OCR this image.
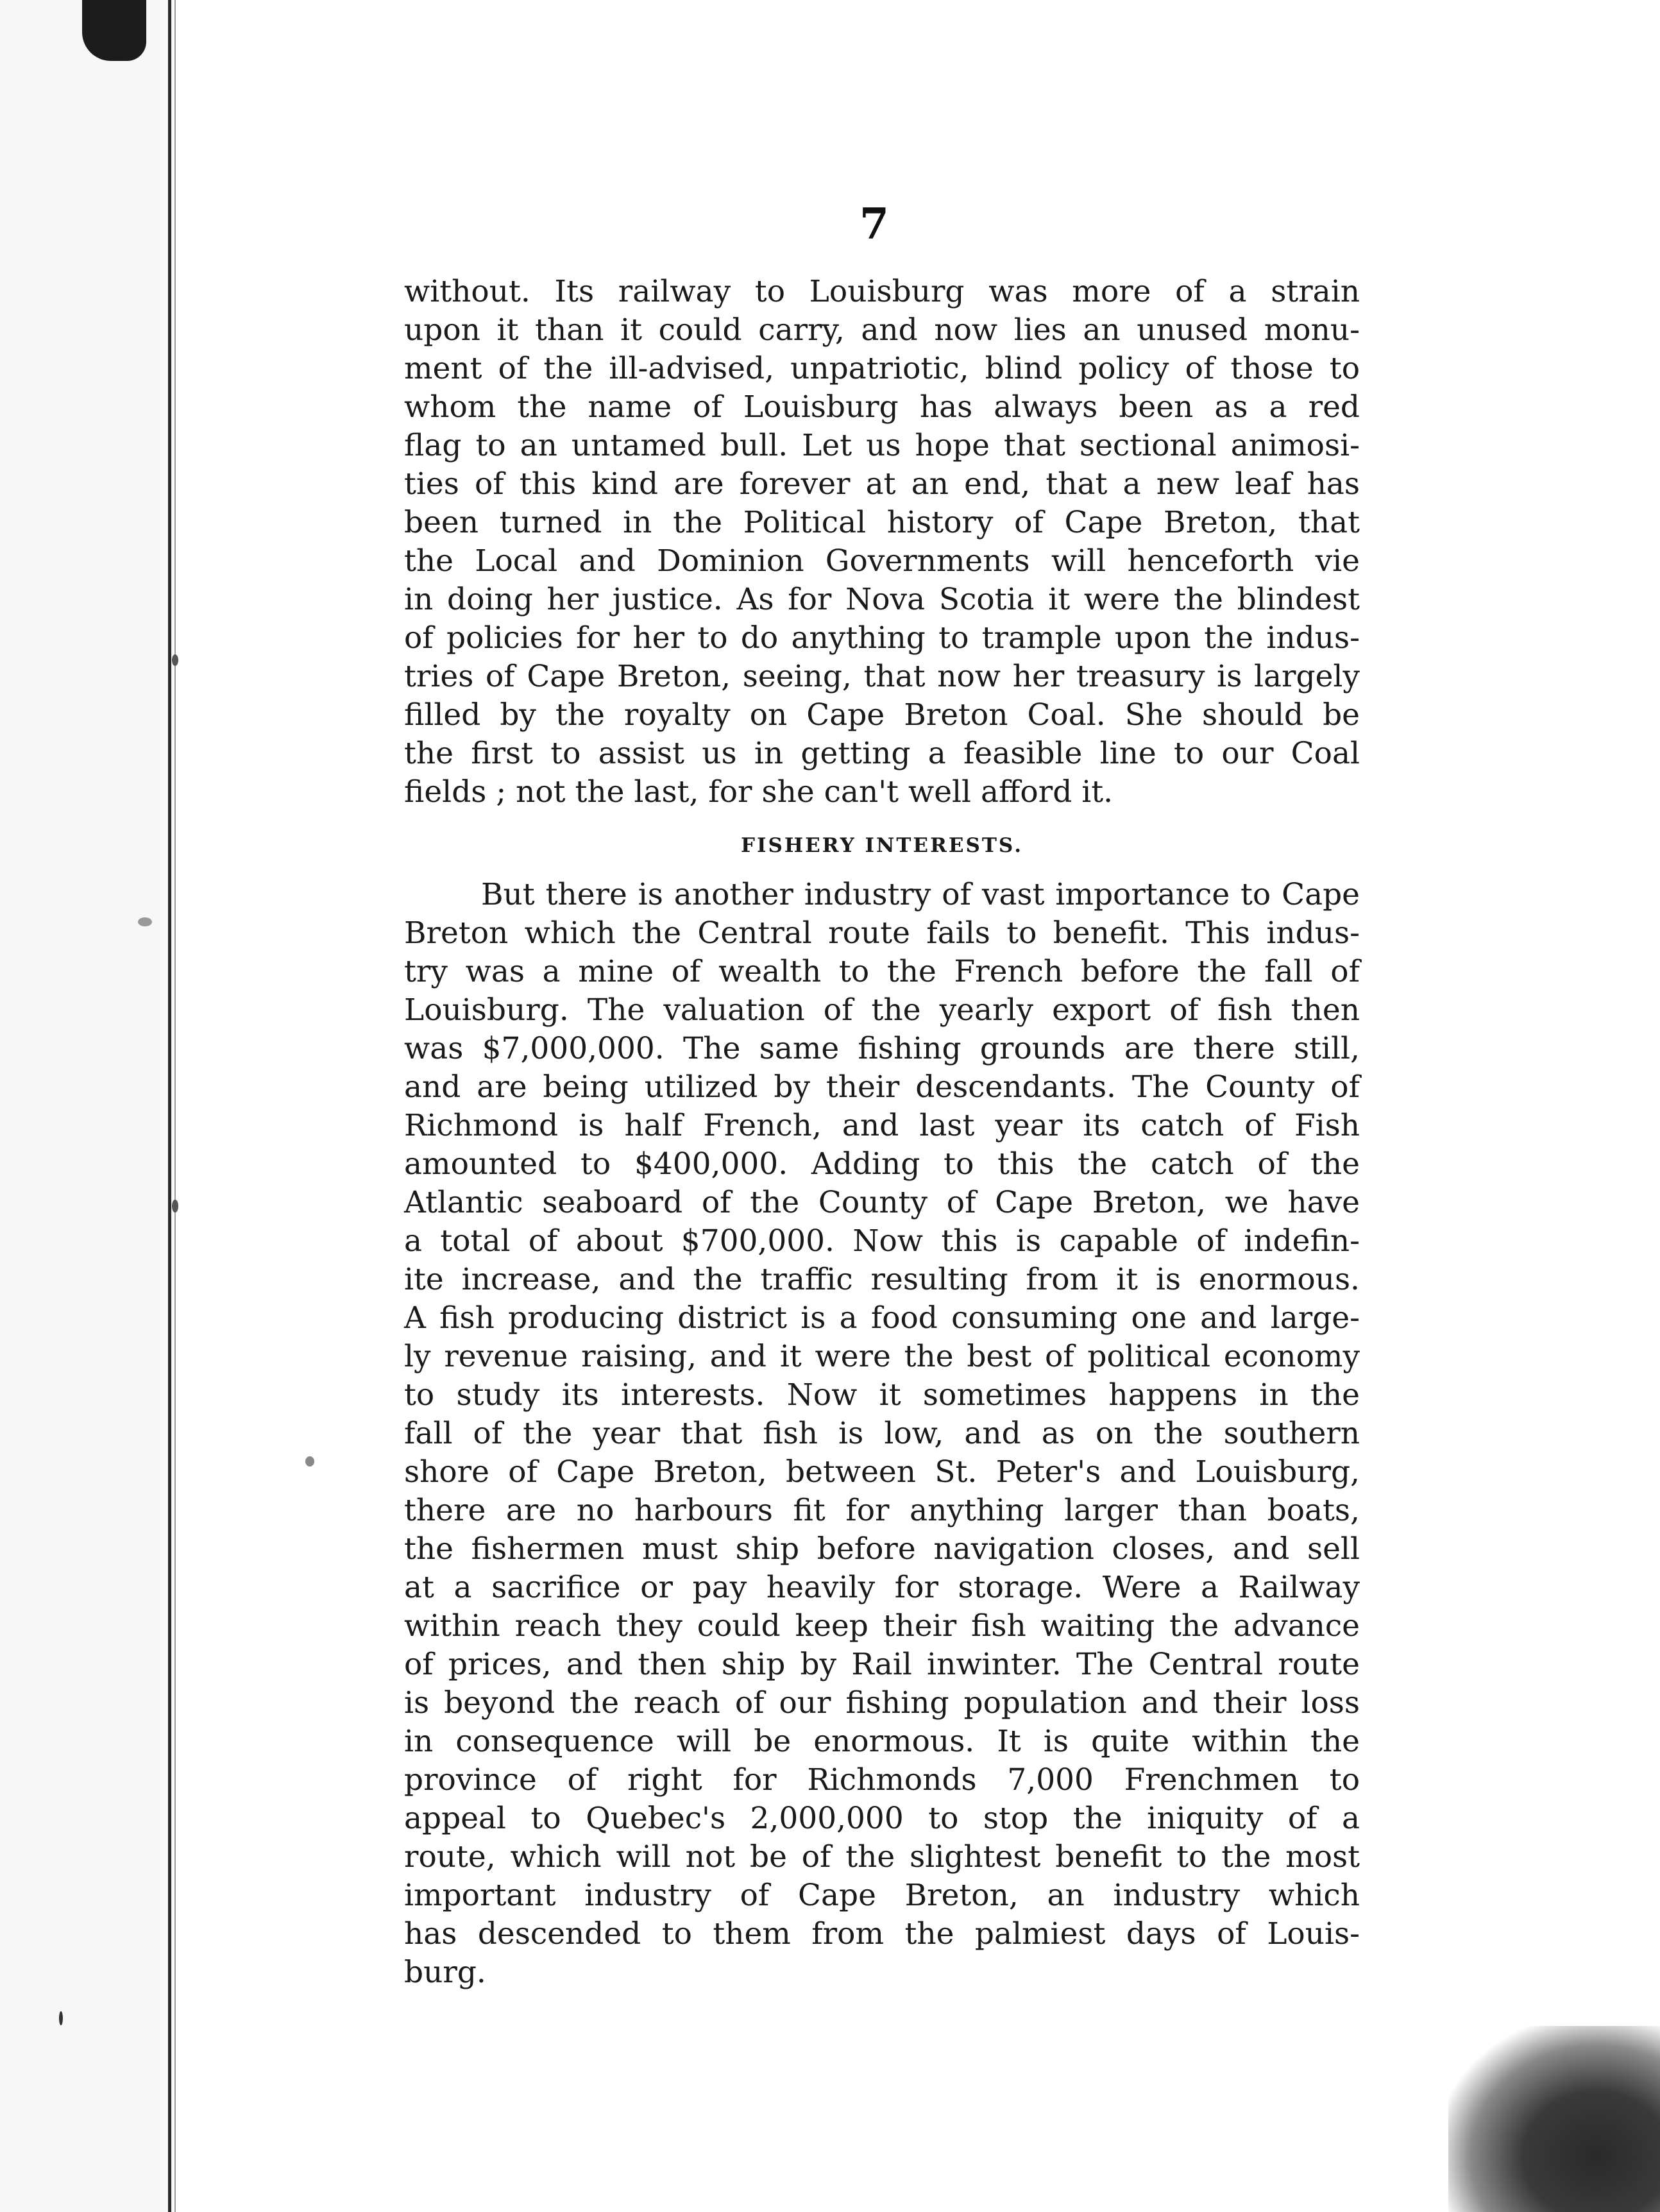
7
without. Its railway to Louisburg was more of a strain
upon it than it could carry, and now lies an unused monu-
ment of the ill-advised, unpatriotic, blind policy of those to
whom the name of Louisburg has always been as a red
flag to an untamed bull. Let us hope that sectional animosi-
ties of this kind are forever at an end, that a new leaf has
been turned in the Political history of Cape Breton, that
the Local and Dominion Governments will henceforth vie
in doing her justice. As for Nova Scotia it were the blindest
of policies for her to do anything to trample upon the indus-
tries of Cape Breton, seeing, that now her treasury is largely
filled by the royalty on Cape Breton Coal. She should be
the first to assist us in getting a feasible line to our Coal
fields ; not the last, for she can't well afford it.
FISHERY INTERESTS.
But there is another industry of vast importance to Cape
Breton which the Central route fails to benefit. This indus-
try was a mine of wealth to the French before the fall of
Louisburg. The valuation of the yearly export of fish then
was $7,000,000. The same fishing grounds are there still,
and are being utilized by their descendants. The County of
Richmond is half French, and last year its catch of Fish
amounted to $400,000. Adding to this the catch of the
Atlantic seaboard of the County of Cape Breton, we have
a total of about $700,000. Now this is capable of indefin-
ite increase, and the traffic resulting from it is enormous.
A fish producing district is a food consuming one and large-
ly revenue raising, and it were the best of political economy
to study its interests. Now it sometimes happens in the
fall of the year that fish is low, and as on the southern
shore of Cape Breton, between St. Peter's and Louisburg,
there are no harbours fit for anything larger than boats,
the fishermen must ship before navigation closes, and sell
at a sacrifice or pay heavily for storage. Were a Railway
within reach they could keep their fish waiting the advance
of prices, and then ship by Rail inwinter. The Central route
is beyond the reach of our fishing population and their loss
in consequence will be enormous. It is quite within the
province of right for Richmonds 7,000 Frenchmen to
appeal to Quebec's 2,000,000 to stop the iniquity of a
route, which will not be of the slightest benefit to the most
important industry of Cape Breton, an industry which
has descended to them from the palmiest days of Louis-
burg.
